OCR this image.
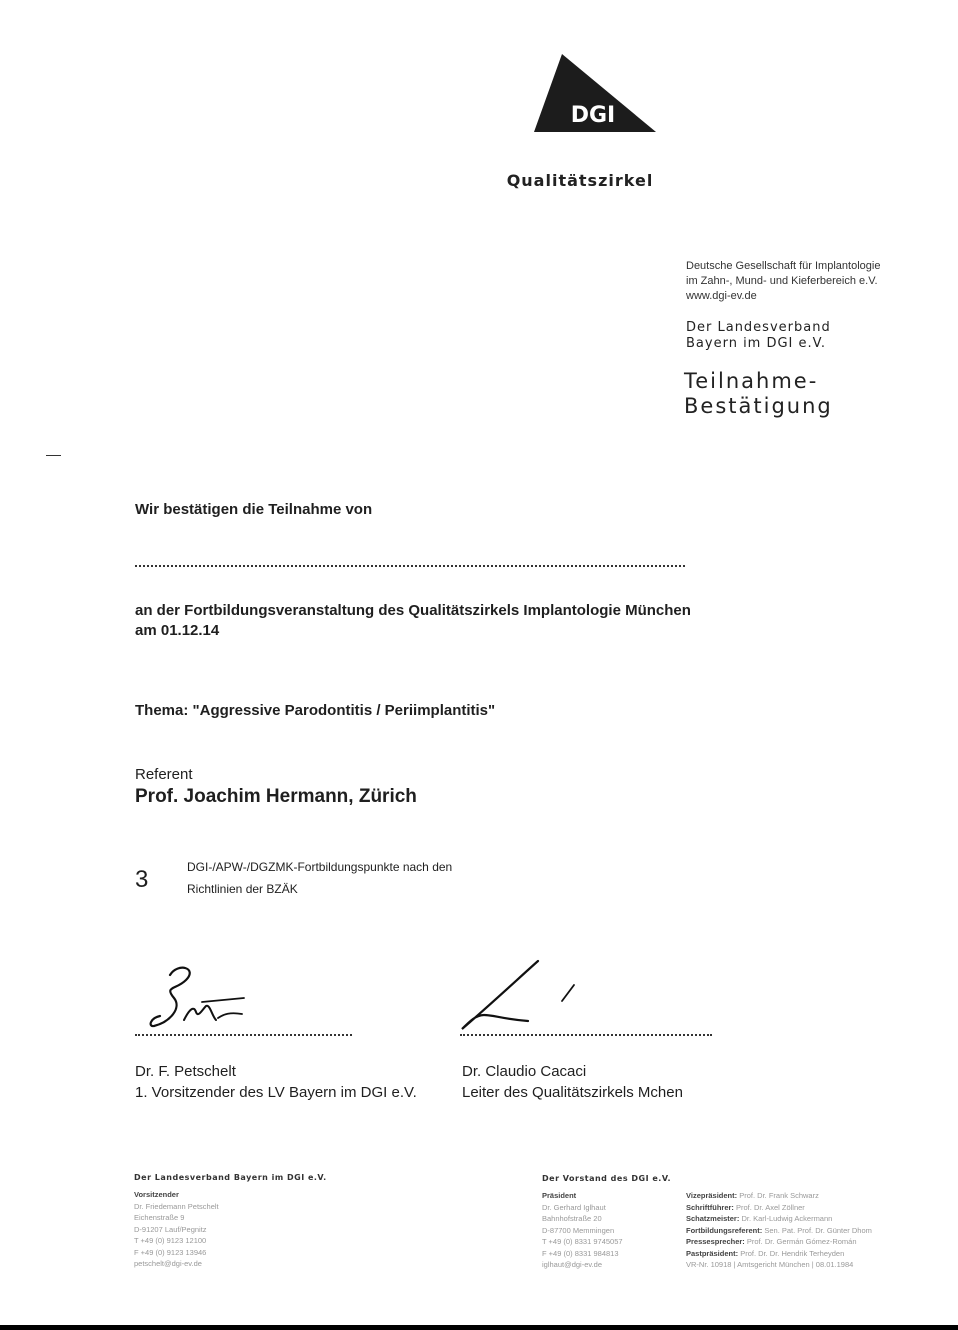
DGI
Qualitätszirkel
Deutsche Gesellschaft für Implantologie
im Zahn-, Mund- und Kieferbereich e.V.
www.dgi-ev.de
Der Landesverband
Bayern im DGI e.V.
Teilnahme-
Bestätigung
Wir bestätigen die Teilnahme von
an der Fortbildungsveranstaltung des Qualitätszirkels Implantologie München
am 01.12.14
Thema: "Aggressive Parodontitis / Periimplantitis"
Referent
Prof. Joachim Hermann, Zürich
3	DGI-/APW-/DGZMK-Fortbildungspunkte nach den
Richtlinien der BZÄK
Dr. F. Petschelt
1. Vorsitzender des LV Bayern im DGI e.V.
Dr. Claudio Cacaci
Leiter des Qualitätszirkels Mchen
Der Landesverband Bayern im DGI e.V.
Vorsitzender
Dr. Friedemann Petschelt
Eichenstraße 9
D-91207 Lauf/Pegnitz
T +49 (0) 9123 12100
F +49 (0) 9123 13946
petschelt@dgi-ev.de
Der Vorstand des DGI e.V.
Präsident
Dr. Gerhard Iglhaut
Bahnhofstraße 20
D-87700 Memmingen
T +49 (0) 8331 9745057
F +49 (0) 8331 984813
iglhaut@dgi-ev.de
Vizepräsident: Prof. Dr. Frank Schwarz
Schriftführer: Prof. Dr. Axel Zöllner
Schatzmeister: Dr. Karl-Ludwig Ackermann
Fortbildungsreferent: Sen. Pat. Prof. Dr. Günter Dhom
Pressesprecher: Prof. Dr. Germán Gómez-Román
Pastpräsident: Prof. Dr. Dr. Hendrik Terheyden
VR-Nr. 10918 | Amtsgericht München | 08.01.1984
